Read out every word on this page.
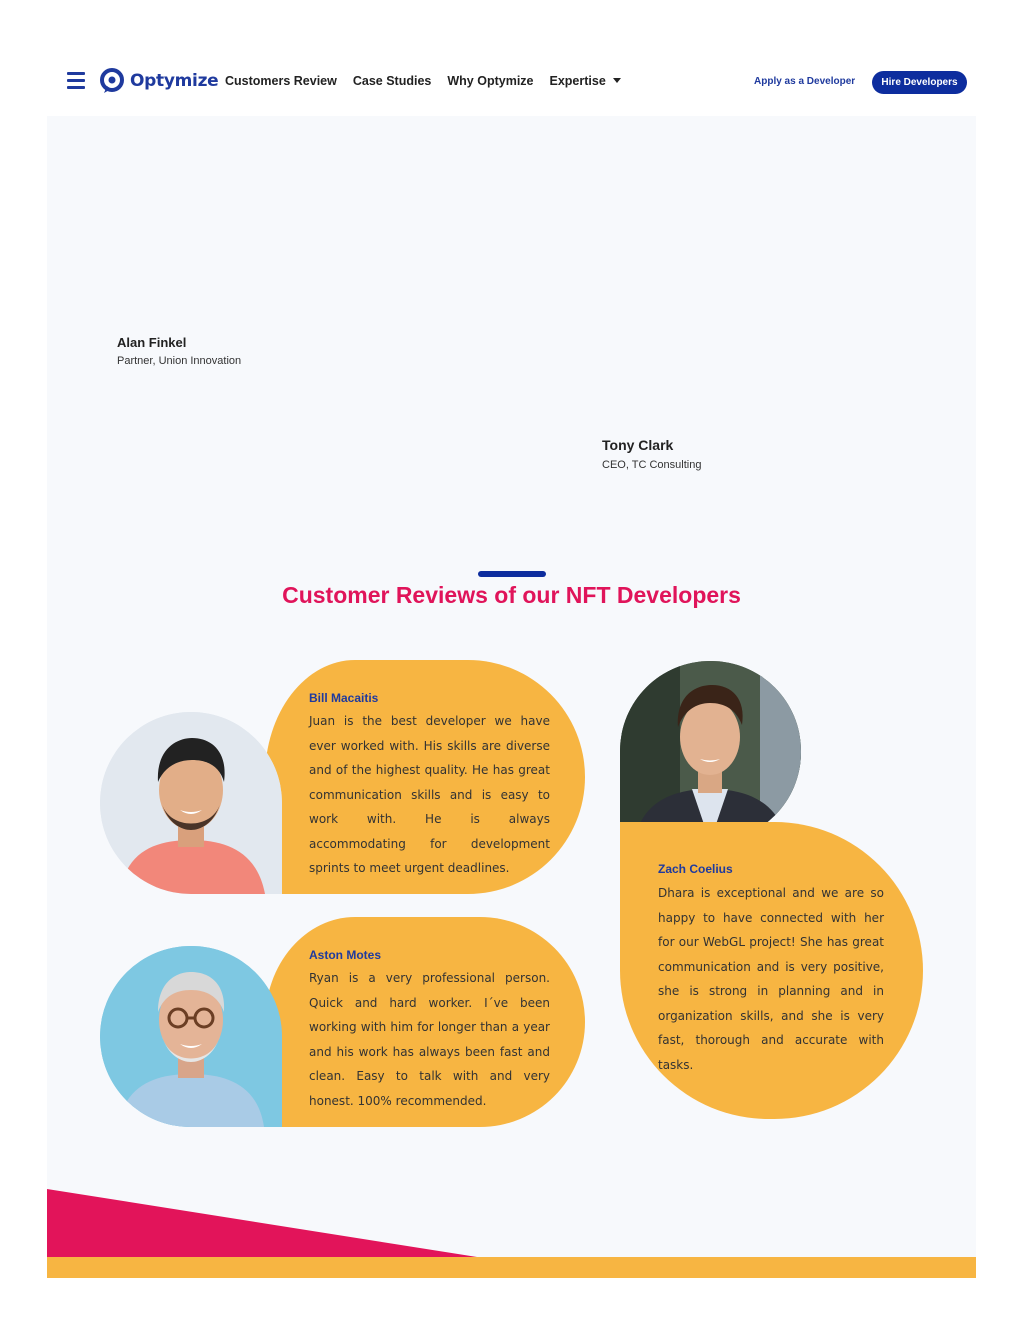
Optymize Customers Review Case Studies Why Optymize Expertise	Apply as a Developer	Hire Developers
Alan Finkel
Partner, Union Innovation
Tony Clark
CEO, TC Consulting
Customer Reviews of our NFT Developers
Bill Macaitis
Juan is the best developer we have ever worked with. His skills are diverse and of the highest quality. He has great communication skills and is easy to work with. He is always accommodating for development sprints to meet urgent deadlines.
Aston Motes
Ryan is a very professional person. Quick and hard worker. I´ve been working with him for longer than a year and his work has always been fast and clean. Easy to talk with and very honest. 100% recommended.
Zach Coelius
Dhara is exceptional and we are so happy to have connected with her for our WebGL project! She has great communication and is very positive, she is strong in planning and in organization skills, and she is very fast, thorough and accurate with tasks.
